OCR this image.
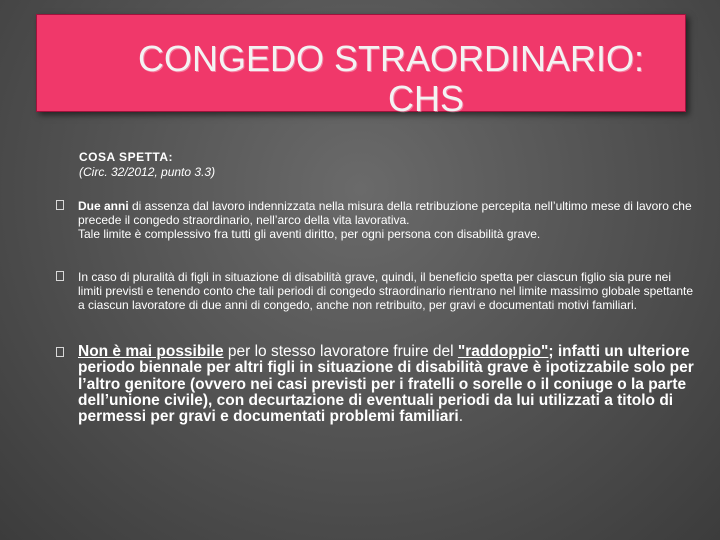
CONGEDO STRAORDINARIO:
CHS
COSA SPETTA:
(Circ. 32/2012, punto 3.3)
Due anni di assenza dal lavoro indennizzata nella misura della retribuzione percepita nell’ultimo mese di lavoro che precede il congedo straordinario, nell’arco della vita lavorativa.
Tale limite è complessivo fra tutti gli aventi diritto, per ogni persona con disabilità grave.
In caso di pluralità di figli in situazione di disabilità grave, quindi, il beneficio spetta per ciascun figlio sia pure nei limiti previsti e tenendo conto che tali periodi di congedo straordinario rientrano nel limite massimo globale spettante a ciascun lavoratore di due anni di congedo, anche non retribuito, per gravi e documentati motivi familiari.
Non è mai possibile per lo stesso lavoratore fruire del "raddoppio"; infatti un ulteriore periodo biennale per altri figli in situazione di disabilità grave è ipotizzabile solo per l’altro genitore (ovvero nei casi previsti per i fratelli o sorelle o il coniuge o la parte dell’unione civile), con decurtazione di eventuali periodi da lui utilizzati a titolo di permessi per gravi e documentati problemi familiari.
